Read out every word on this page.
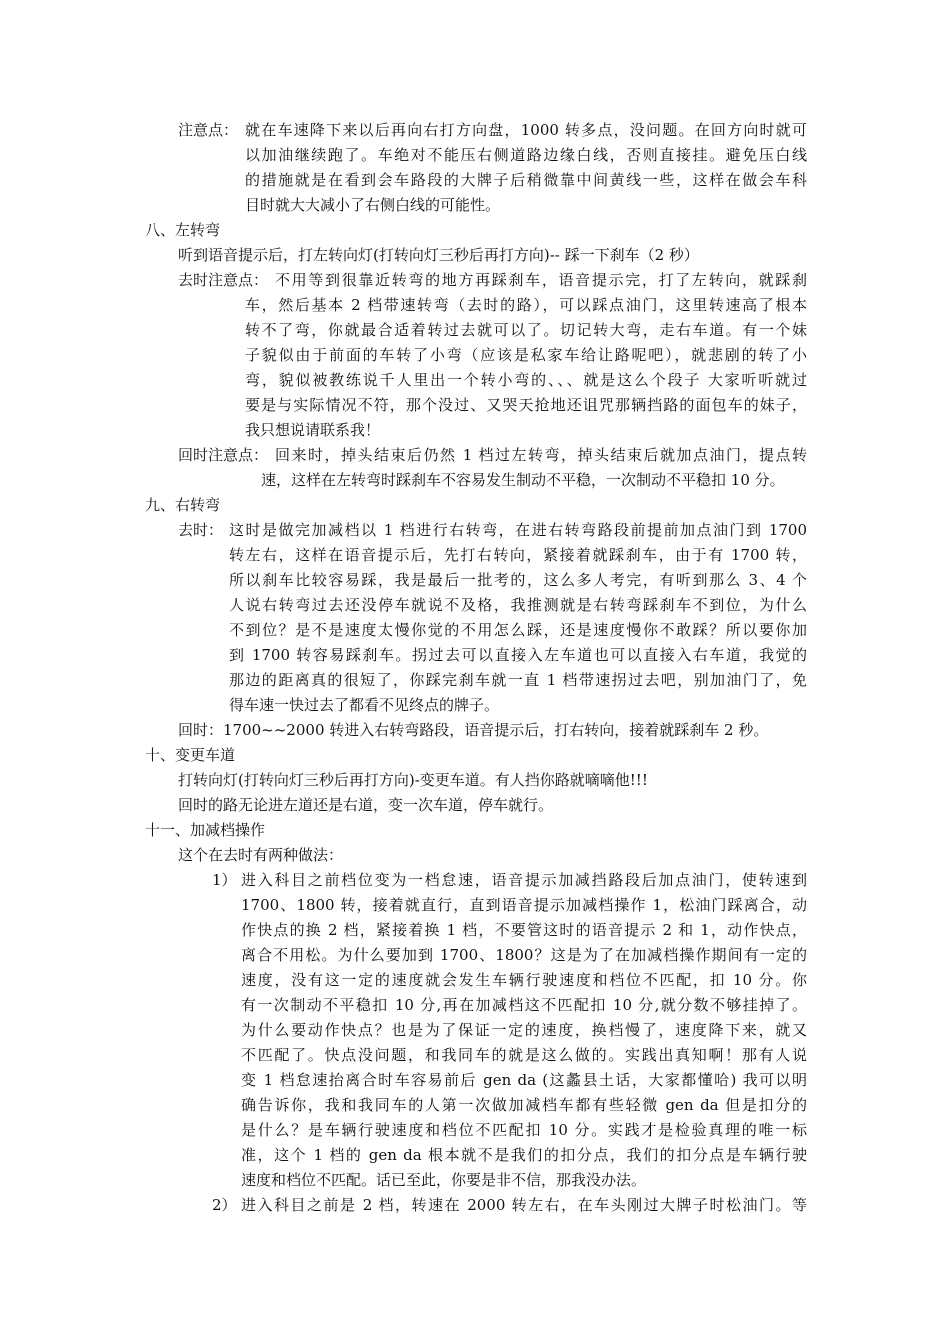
注意点： 就在车速降下来以后再向右打方向盘，1000 转多点，没问题。在回方向时就可
以加油继续跑了。车绝对不能压右侧道路边缘白线，否则直接挂。避免压白线
的措施就是在看到会车路段的大牌子后稍微靠中间黄线一些，这样在做会车科
目时就大大减小了右侧白线的可能性。
八、左转弯
听到语音提示后，打左转向灯(打转向灯三秒后再打方向)-- 踩一下刹车（2 秒）
去时注意点： 不用等到很靠近转弯的地方再踩刹车，语音提示完，打了左转向，就踩刹
车，然后基本 2 档带速转弯（去时的路），可以踩点油门，这里转速高了根本
转不了弯，你就最合适着转过去就可以了。切记转大弯，走右车道。有一个妹
子貌似由于前面的车转了小弯（应该是私家车给让路呢吧），就悲剧的转了小
弯，貌似被教练说千人里出一个转小弯的、、、就是这么个段子 大家听听就过
要是与实际情况不符，那个没过、又哭天抢地还诅咒那辆挡路的面包车的妹子，
我只想说请联系我！
回时注意点： 回来时，掉头结束后仍然 1 档过左转弯，掉头结束后就加点油门，提点转
速，这样在左转弯时踩刹车不容易发生制动不平稳，一次制动不平稳扣 10 分。
九、右转弯
去时： 这时是做完加减档以 1 档进行右转弯，在进右转弯路段前提前加点油门到 1700
转左右，这样在语音提示后，先打右转向，紧接着就踩刹车，由于有 1700 转，
所以刹车比较容易踩，我是最后一批考的，这么多人考完，有听到那么 3、4 个
人说右转弯过去还没停车就说不及格，我推测就是右转弯踩刹车不到位，为什么
不到位？是不是速度太慢你觉的不用怎么踩，还是速度慢你不敢踩？所以要你加
到 1700 转容易踩刹车。拐过去可以直接入左车道也可以直接入右车道，我觉的
那边的距离真的很短了，你踩完刹车就一直 1 档带速拐过去吧，别加油门了，免
得车速一快过去了都看不见终点的牌子。
回时：1700~~2000 转进入右转弯路段，语音提示后，打右转向，接着就踩刹车 2 秒。
十、变更车道
打转向灯(打转向灯三秒后再打方向)-变更车道。有人挡你路就嘀嘀他!!!
回时的路无论进左道还是右道，变一次车道，停车就行。
十一、加减档操作
这个在去时有两种做法：
1） 进入科目之前档位变为一档怠速，语音提示加减挡路段后加点油门，使转速到
1700、1800 转，接着就直行，直到语音提示加减档操作 1，松油门踩离合，动
作快点的换 2 档，紧接着换 1 档，不要管这时的语音提示 2 和 1，动作快点，
离合不用松。为什么要加到 1700、1800？这是为了在加减档操作期间有一定的
速度，没有这一定的速度就会发生车辆行驶速度和档位不匹配，扣 10 分。你
有一次制动不平稳扣 10 分,再在加减档这不匹配扣 10 分,就分数不够挂掉了。
为什么要动作快点？也是为了保证一定的速度，换档慢了，速度降下来，就又
不匹配了。快点没问题，和我同车的就是这么做的。实践出真知啊！那有人说
变 1 档怠速抬离合时车容易前后 gen da (这蠡县土话，大家都懂哈) 我可以明
确告诉你，我和我同车的人第一次做加减档车都有些轻微 gen da 但是扣分的
是什么？是车辆行驶速度和档位不匹配扣 10 分。实践才是检验真理的唯一标
准，这个 1 档的 gen da 根本就不是我们的扣分点，我们的扣分点是车辆行驶
速度和档位不匹配。话已至此，你要是非不信，那我没办法。
2） 进入科目之前是 2 档，转速在 2000 转左右，在车头刚过大牌子时松油门。等
